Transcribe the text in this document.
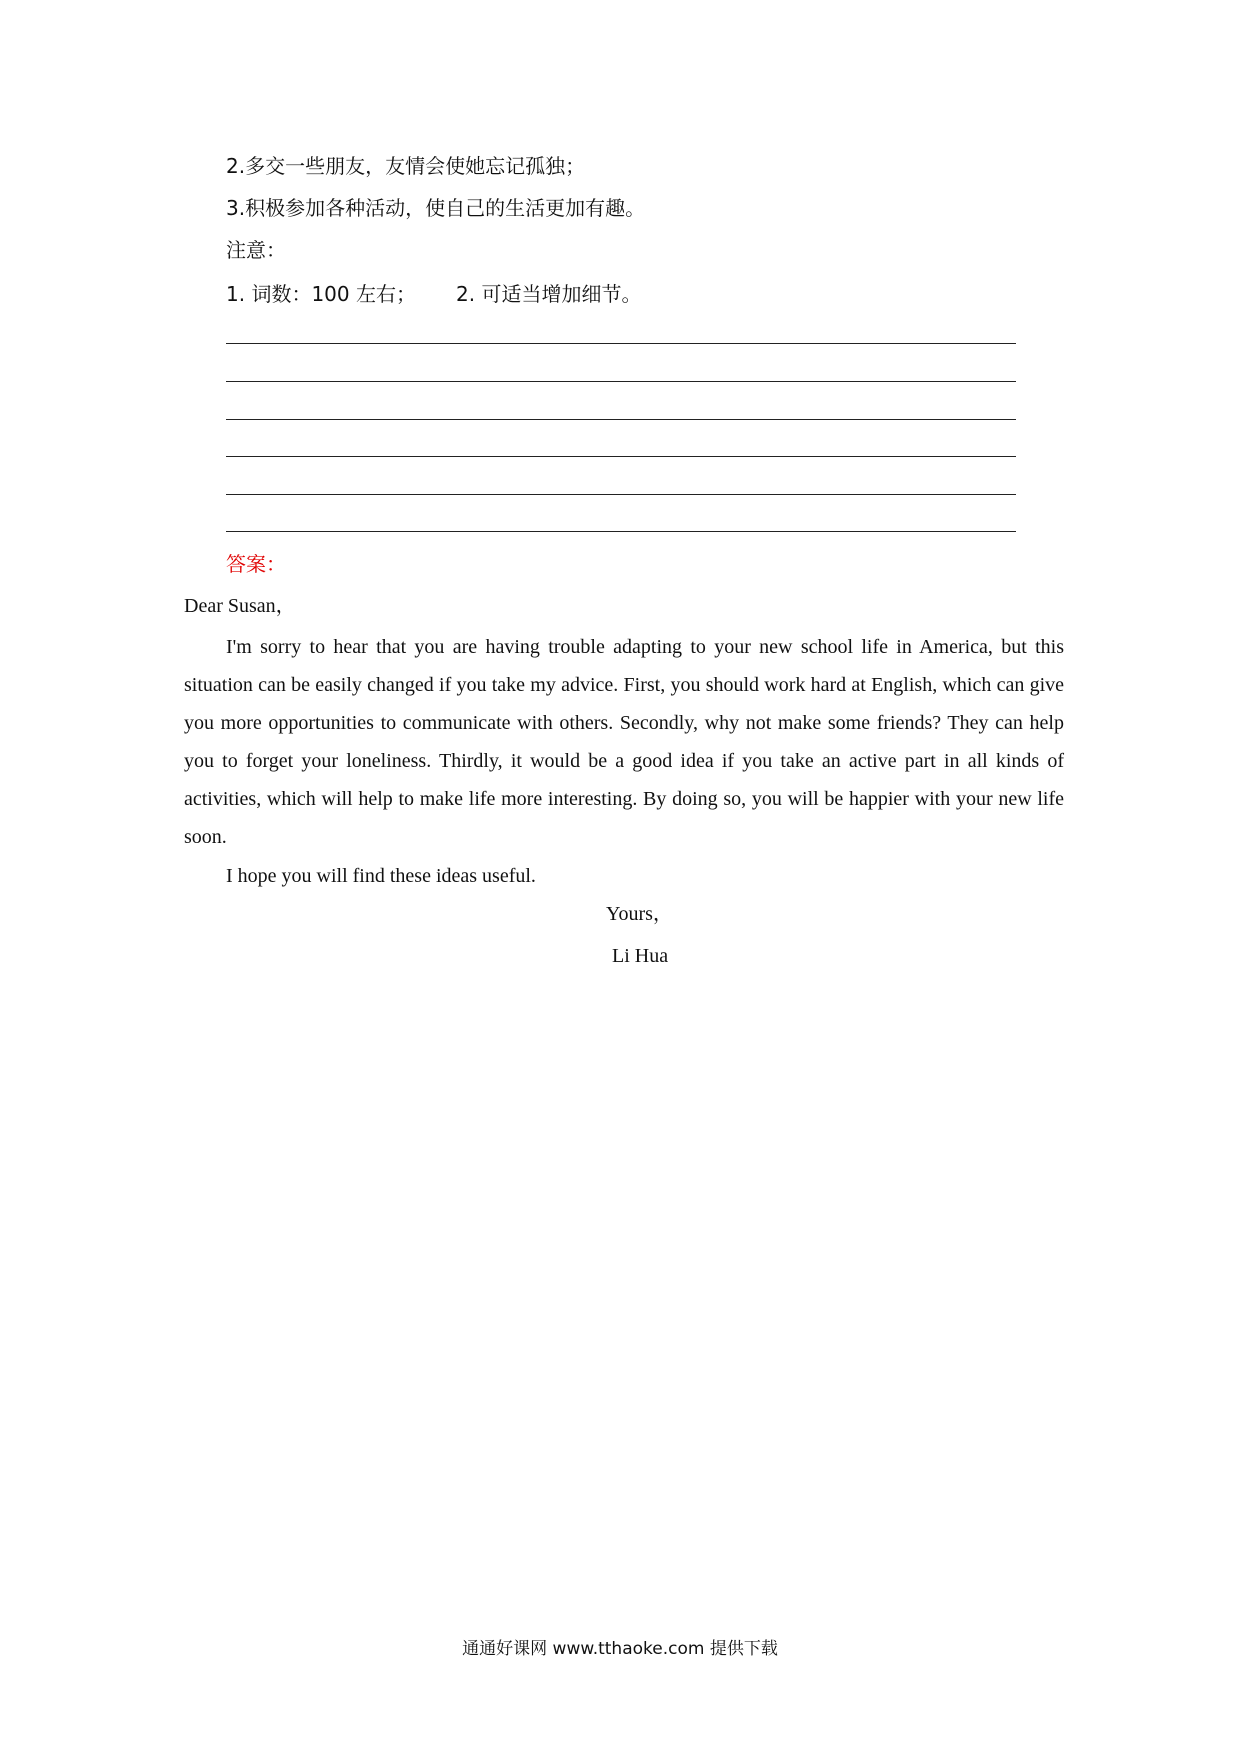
2.多交一些朋友，友情会使她忘记孤独；
3.积极参加各种活动，使自己的生活更加有趣。
注意：
1. 词数：100 左右； 2. 可适当增加细节。
答案：
Dear Susan，
I'm sorry to hear that you are having trouble adapting to your new school life in America, but this situation can be easily changed if you take my advice. First, you should work hard at English, which can give you more opportunities to communicate with others. Secondly, why not make some friends? They can help you to forget your loneliness. Thirdly, it would be a good idea if you take an active part in all kinds of activities, which will help to make life more interesting. By doing so, you will be happier with your new life soon.
I hope you will find these ideas useful.
Yours，
Li Hua
通通好课网 www.tthaoke.com 提供下载
